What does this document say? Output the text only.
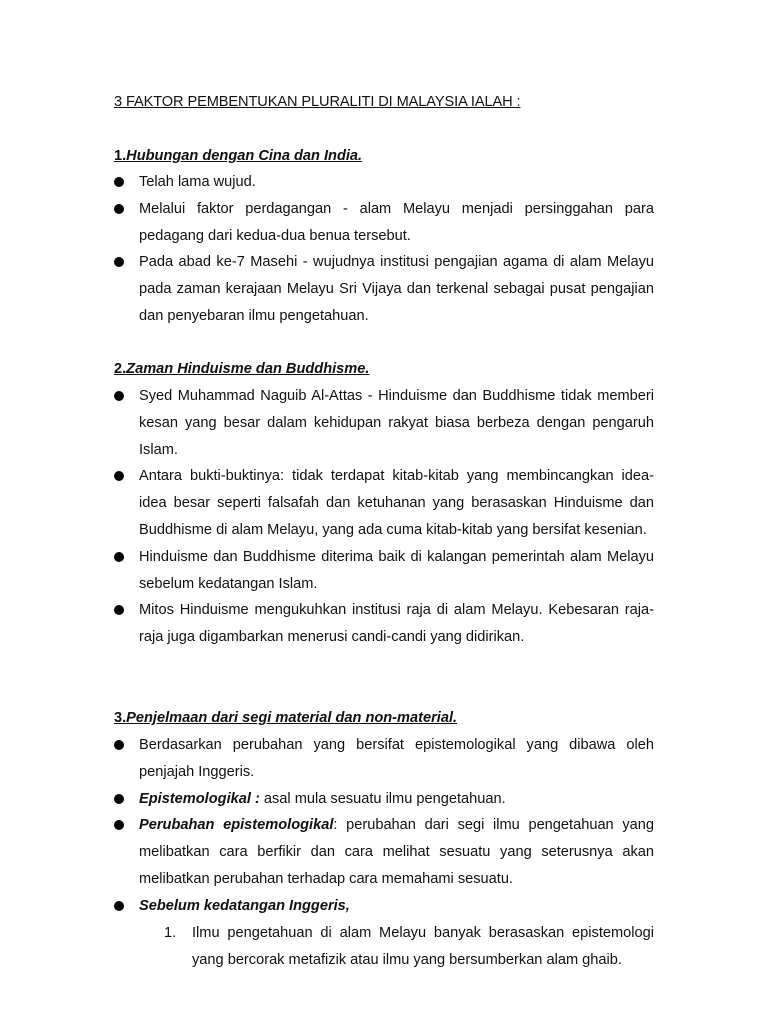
3 FAKTOR PEMBENTUKAN PLURALITI DI MALAYSIA IALAH :
1.Hubungan dengan Cina dan India.
Telah lama wujud.
Melalui faktor perdagangan - alam Melayu menjadi persinggahan para pedagang dari kedua-dua benua tersebut.
Pada abad ke-7 Masehi - wujudnya institusi pengajian agama di alam Melayu pada zaman kerajaan Melayu Sri Vijaya dan terkenal sebagai pusat pengajian dan penyebaran ilmu pengetahuan.
2.Zaman Hinduisme dan Buddhisme.
Syed Muhammad Naguib Al-Attas - Hinduisme dan Buddhisme tidak memberi kesan yang besar dalam kehidupan rakyat biasa berbeza dengan pengaruh Islam.
Antara bukti-buktinya: tidak terdapat kitab-kitab yang membincangkan idea-idea besar seperti falsafah dan ketuhanan yang berasaskan Hinduisme dan Buddhisme di alam Melayu, yang ada cuma kitab-kitab yang bersifat kesenian.
Hinduisme dan Buddhisme diterima baik di kalangan pemerintah alam Melayu sebelum kedatangan Islam.
Mitos Hinduisme mengukuhkan institusi raja di alam Melayu. Kebesaran raja-raja juga digambarkan menerusi candi-candi yang didirikan.
3.Penjelmaan dari segi material dan non-material.
Berdasarkan perubahan yang bersifat epistemologikal yang dibawa oleh penjajah Inggeris.
Epistemologikal : asal mula sesuatu ilmu pengetahuan.
Perubahan epistemologikal: perubahan dari segi ilmu pengetahuan yang melibatkan cara berfikir dan cara melihat sesuatu yang seterusnya akan melibatkan perubahan terhadap cara memahami sesuatu.
Sebelum kedatangan Inggeris,
1. Ilmu pengetahuan di alam Melayu banyak berasaskan epistemologi yang bercorak metafizik atau ilmu yang bersumberkan alam ghaib.
